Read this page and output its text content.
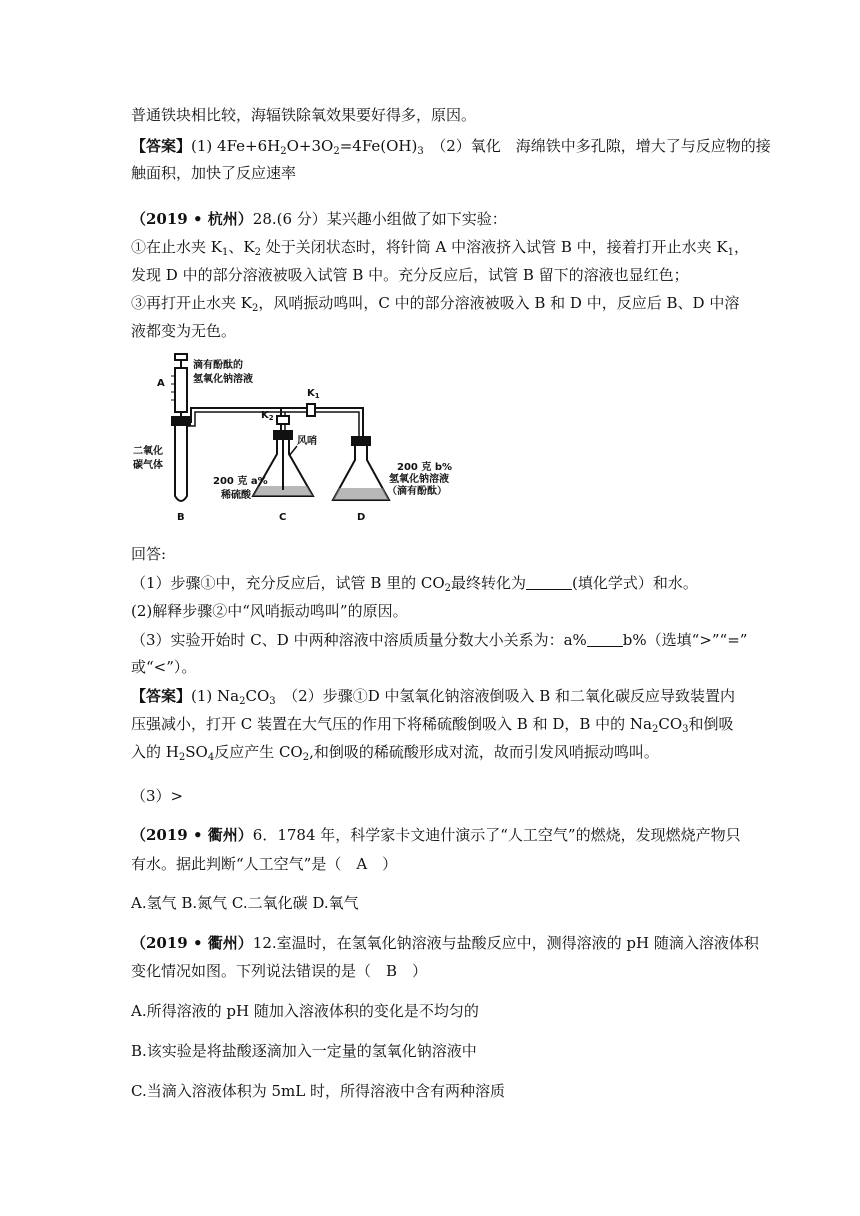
普通铁块相比较，海辐铁除氧效果要好得多，原因。
【答案】(1) $4Fe+6H_2O+3O_2=4Fe(OH)_3$　 （2）氧化　海绵铁中多孔隙，增大了与反应物的接
触面积，加快了反应速率
（2019 • 杭州）28.(6 分）某兴趣小组做了如下实验：
①在止水夹 $K_1$、$K_2$ 处于关闭状态时，将针筒 A 中溶液挤入试管 B 中，接着打开止水夹 $K_1$，
发现 D 中的部分溶液被吸入试管 B 中。充分反应后，试管 B 留下的溶液也显红色；
③再打开止水夹 $K_2$，风哨振动鸣叫，C 中的部分溶液被吸入 B 和 D 中，反应后 B、D 中溶
液都变为无色。
A
滴有酚酞的
氢氧化钠溶液
二氧化
碳气体
B
$K_1$
$K_2$
风哨
200 克 a%
稀硫酸
C
200 克 b%
氢氧化钠溶液
（滴有酚酞）
D
回答:
（1）步骤①中，充分反应后，试管 B 里的 $CO_2$最终转化为	(填化学式）和水。
(2)解释步骤②中“风哨振动鸣叫”的原因。
（3）实验开始时 C、D 中两种溶液中溶质质量分数大小关系为：a% b%（选填“>”“=”
或“<”）。
【答案】(1) $Na_2CO_3$　 （2）步骤①D 中氢氧化钠溶液倒吸入 B 和二氧化碳反应导致装置内
压强减小，打开 C 装置在大气压的作用下将稀硫酸倒吸入 B 和 D，B 中的 $Na_2CO_3$和倒吸
入的 $H_2SO_4$反应产生 $CO_2$,和倒吸的稀硫酸形成对流，故而引发风哨振动鸣叫。
（3）>
（2019 • 衢州）6．1784 年，科学家卡文迪什演示了“人工空气”的燃烧，发现燃烧产物只
有水。据此判断“人工空气”是（　A　）
A.氢气 B.氮气 C.二氧化碳 D.氧气
（2019 • 衢州）12.室温时，在氢氧化钠溶液与盐酸反应中，测得溶液的 pH 随滴入溶液体积
变化情况如图。下列说法错误的是（　B　）
A.所得溶液的 pH 随加入溶液体积的变化是不均匀的
B.该实验是将盐酸逐滴加入一定量的氢氧化钠溶液中
C.当滴入溶液体积为 5mL 时，所得溶液中含有两种溶质
